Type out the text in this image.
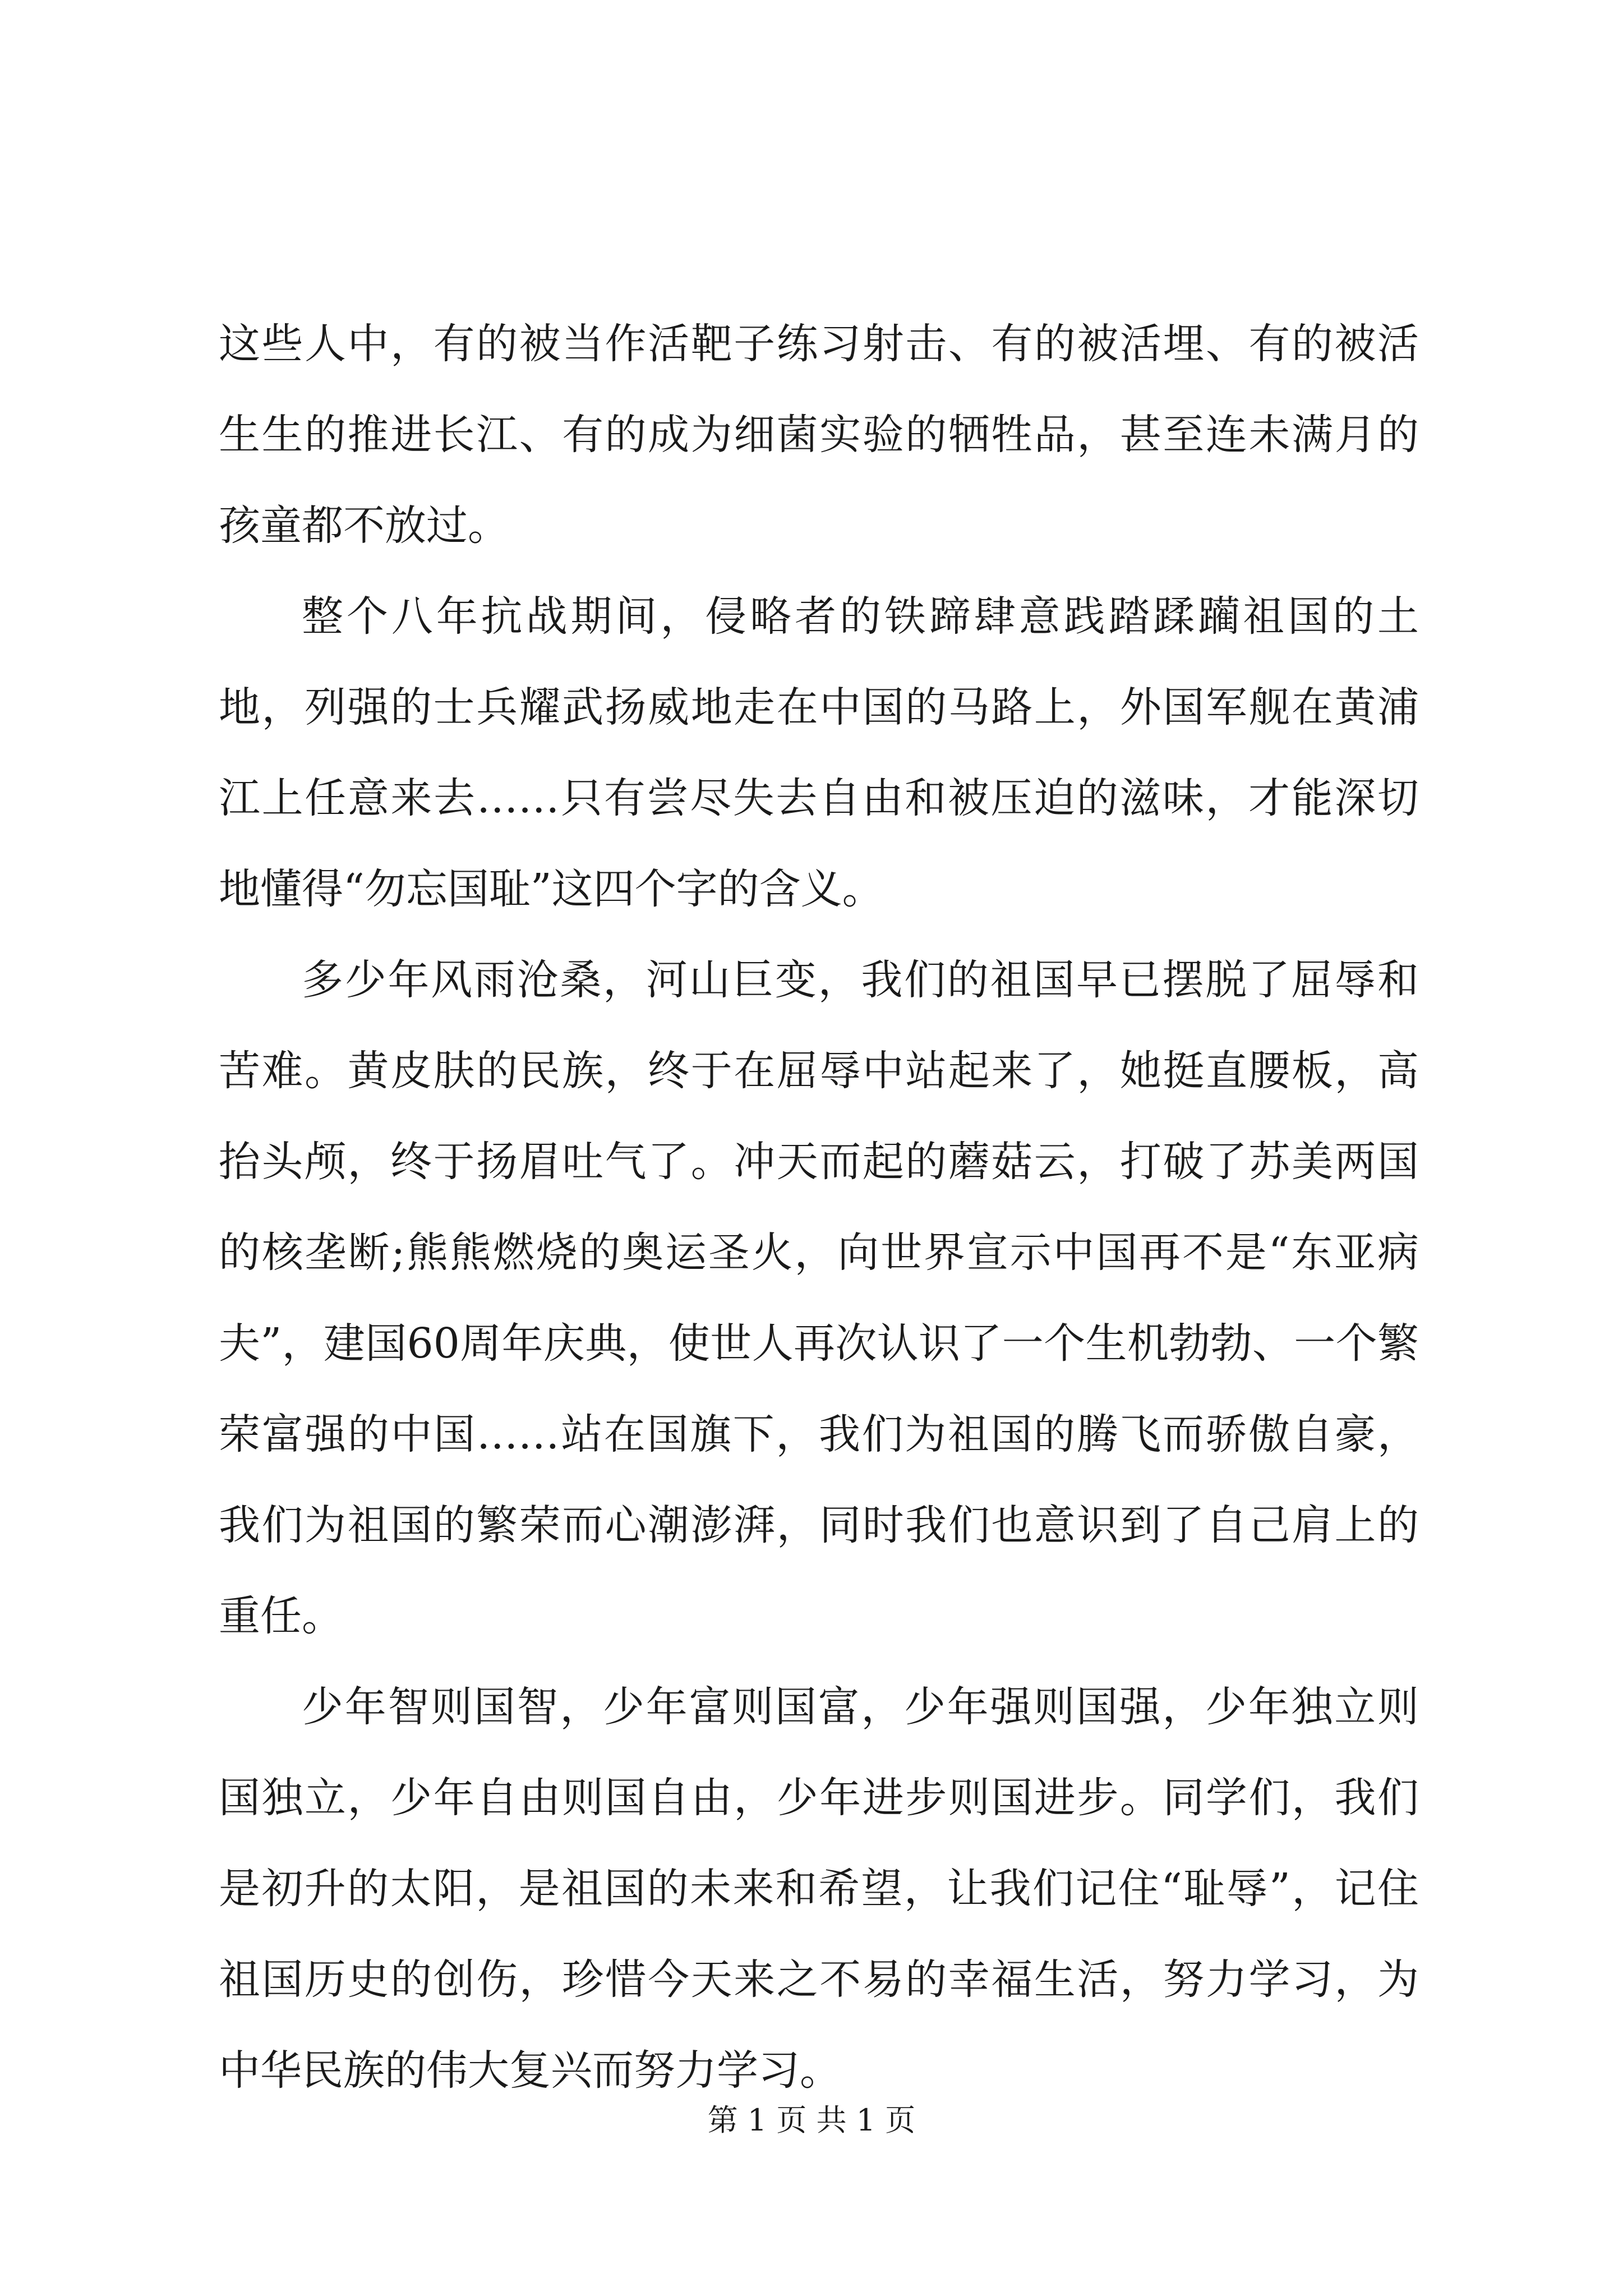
这些人中，有的被当作活靶子练习射击、有的被活埋、有的被活生生的推进长江、有的成为细菌实验的牺牲品，甚至连未满月的孩童都不放过。

整个八年抗战期间，侵略者的铁蹄肆意践踏蹂躏祖国的土地，列强的士兵耀武扬威地走在中国的马路上，外国军舰在黄浦江上任意来去……只有尝尽失去自由和被压迫的滋味，才能深切地懂得“勿忘国耻”这四个字的含义。

多少年风雨沧桑，河山巨变，我们的祖国早已摆脱了屈辱和苦难。黄皮肤的民族，终于在屈辱中站起来了，她挺直腰板，高抬头颅，终于扬眉吐气了。冲天而起的蘑菇云，打破了苏美两国的核垄断;熊熊燃烧的奥运圣火，向世界宣示中国再不是“东亚病夫”，建国60周年庆典，使世人再次认识了一个生机勃勃、一个繁荣富强的中国……站在国旗下，我们为祖国的腾飞而骄傲自豪，我们为祖国的繁荣而心潮澎湃，同时我们也意识到了自己肩上的重任。

少年智则国智，少年富则国富，少年强则国强，少年独立则国独立，少年自由则国自由，少年进步则国进步。同学们，我们是初升的太阳，是祖国的未来和希望，让我们记住“耻辱”，记住祖国历史的创伤，珍惜今天来之不易的幸福生活，努力学习，为中华民族的伟大复兴而努力学习。

第 1 页 共 1 页
